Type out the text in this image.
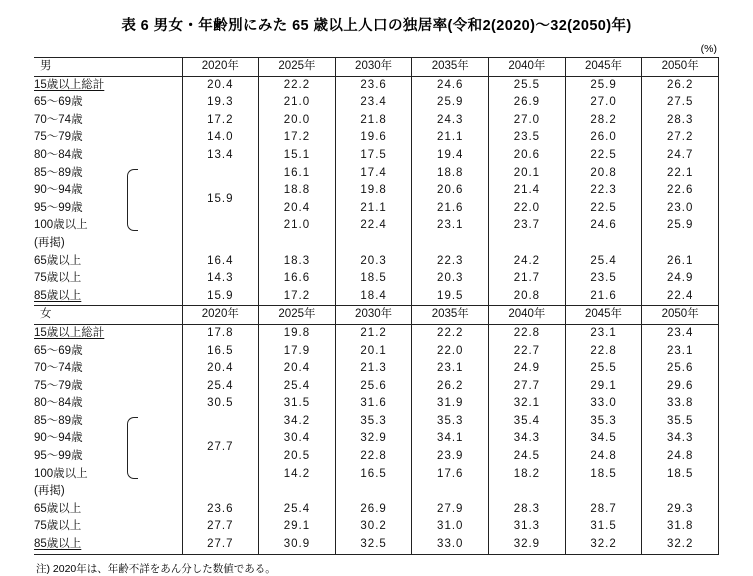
表 6 男女・年齢別にみた 65 歳以上人口の独居率(令和2(2020)～32(2050)年)
(%)
男	2020年	2025年	2030年	2035年	2040年	2045年	2050年
15歳以上総計	20.4	22.2	23.6	24.6	25.5	25.9	26.2
65～69歳	19.3	21.0	23.4	25.9	26.9	27.0	27.5
70～74歳	17.2	20.0	21.8	24.3	27.0	28.2	28.3
75～79歳	14.0	17.2	19.6	21.1	23.5	26.0	27.2
80～84歳	13.4	15.1	17.5	19.4	20.6	22.5	24.7
85～89歳	15.9	16.1	17.4	18.8	20.1	20.8	22.1
90～94歳		18.8	19.8	20.6	21.4	22.3	22.6
95～99歳		20.4	21.1	21.6	22.0	22.5	23.0
100歳以上		21.0	22.4	23.1	23.7	24.6	25.9
(再掲)							
65歳以上	16.4	18.3	20.3	22.3	24.2	25.4	26.1
75歳以上	14.3	16.6	18.5	20.3	21.7	23.5	24.9
85歳以上	15.9	17.2	18.4	19.5	20.8	21.6	22.4
女	2020年	2025年	2030年	2035年	2040年	2045年	2050年
15歳以上総計	17.8	19.8	21.2	22.2	22.8	23.1	23.4
65～69歳	16.5	17.9	20.1	22.0	22.7	22.8	23.1
70～74歳	20.4	20.4	21.3	23.1	24.9	25.5	25.6
75～79歳	25.4	25.4	25.6	26.2	27.7	29.1	29.6
80～84歳	30.5	31.5	31.6	31.9	32.1	33.0	33.8
85～89歳	27.7	34.2	35.3	35.3	35.4	35.3	35.5
90～94歳		30.4	32.9	34.1	34.3	34.5	34.3
95～99歳		20.5	22.8	23.9	24.5	24.8	24.8
100歳以上		14.2	16.5	17.6	18.2	18.5	18.5
(再掲)							
65歳以上	23.6	25.4	26.9	27.9	28.3	28.7	29.3
75歳以上	27.7	29.1	30.2	31.0	31.3	31.5	31.8
85歳以上	27.7	30.9	32.5	33.0	32.9	32.2	32.2
注) 2020年は、年齢不詳をあん分した数値である。
